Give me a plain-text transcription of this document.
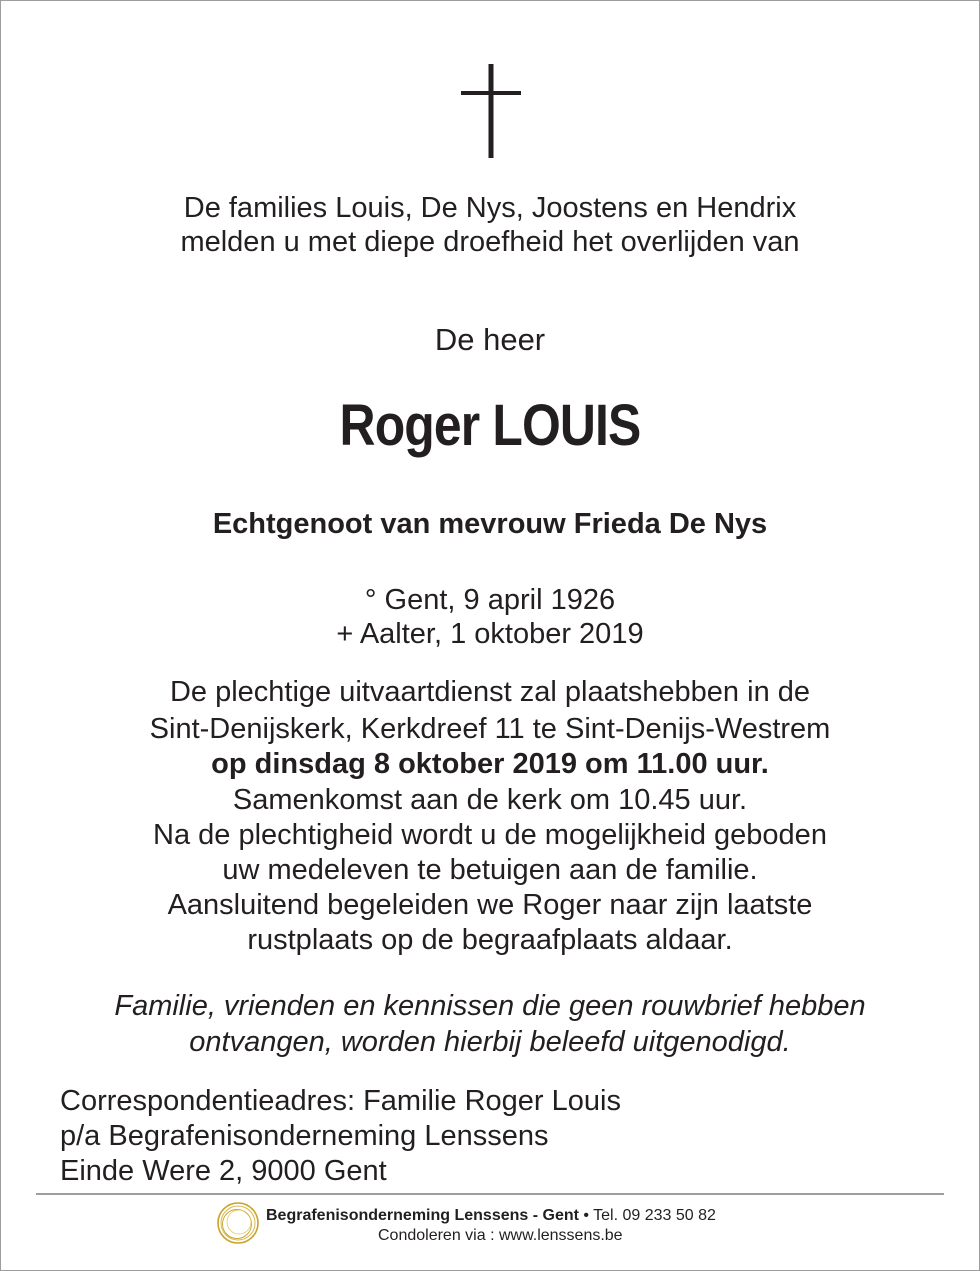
De families Louis, De Nys, Joostens en Hendrix
melden u met diepe droefheid het overlijden van
De heer
Roger LOUIS
Echtgenoot van mevrouw Frieda De Nys
° Gent, 9 april 1926
+ Aalter, 1 oktober 2019
De plechtige uitvaartdienst zal plaatshebben in de
Sint-Denijskerk, Kerkdreef 11 te Sint-Denijs-Westrem
op dinsdag 8 oktober 2019 om 11.00 uur.
Samenkomst aan de kerk om 10.45 uur.
Na de plechtigheid wordt u de mogelijkheid geboden
uw medeleven te betuigen aan de familie.
Aansluitend begeleiden we Roger naar zijn laatste
rustplaats op de begraafplaats aldaar.
Familie, vrienden en kennissen die geen rouwbrief hebben
ontvangen, worden hierbij beleefd uitgenodigd.
Correspondentieadres: Familie Roger Louis
p/a Begrafenisonderneming Lenssens
Einde Were 2, 9000 Gent
Begrafenisonderneming Lenssens - Gent • Tel. 09 233 50 82
Condoleren via : www.lenssens.be
